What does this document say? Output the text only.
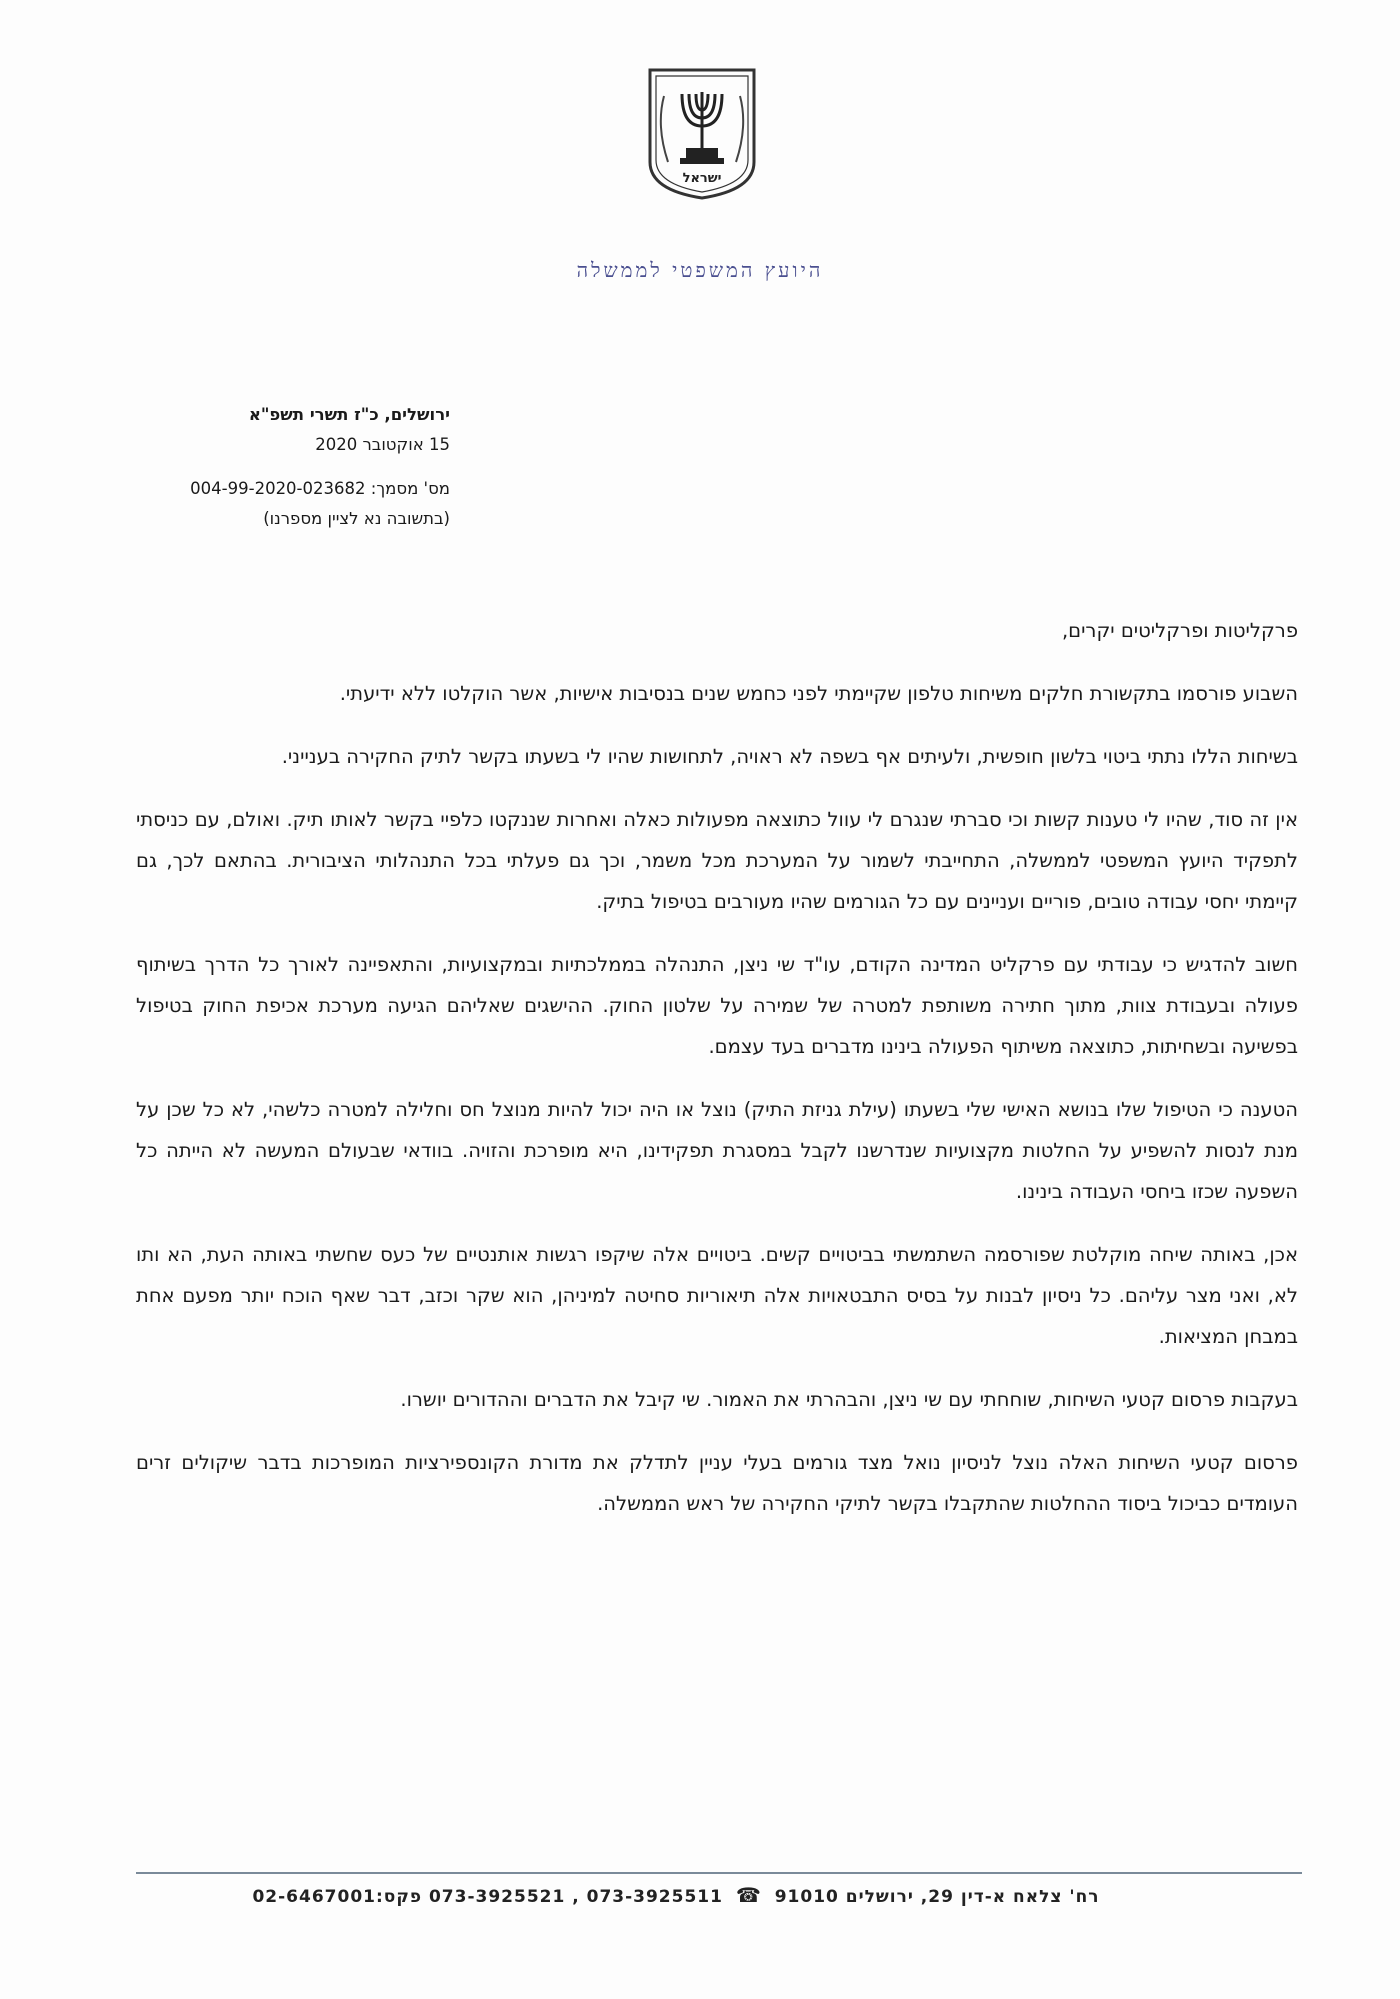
ישראל
היועץ המשפטי לממשלה
ירושלים, כ"ז תשרי תשפ"א
15 אוקטובר 2020
מס' מסמך: 004-99-2020-023682
(בתשובה נא לציין מספרנו)

פרקליטות ופרקליטים יקרים,

השבוע פורסמו בתקשורת חלקים משיחות טלפון שקיימתי לפני כחמש שנים בנסיבות אישיות, אשר הוקלטו ללא ידיעתי.

בשיחות הללו נתתי ביטוי בלשון חופשית, ולעיתים אף בשפה לא ראויה, לתחושות שהיו לי בשעתו בקשר לתיק החקירה בענייני.

אין זה סוד, שהיו לי טענות קשות וכי סברתי שנגרם לי עוול כתוצאה מפעולות כאלה ואחרות שננקטו כלפיי בקשר לאותו תיק. ואולם, עם כניסתי לתפקיד היועץ המשפטי לממשלה, התחייבתי לשמור על המערכת מכל משמר, וכך גם פעלתי בכל התנהלותי הציבורית. בהתאם לכך, גם קיימתי יחסי עבודה טובים, פוריים ועניינים עם כל הגורמים שהיו מעורבים בטיפול בתיק.

חשוב להדגיש כי עבודתי עם פרקליט המדינה הקודם, עו"ד שי ניצן, התנהלה בממלכתיות ובמקצועיות, והתאפיינה לאורך כל הדרך בשיתוף פעולה ובעבודת צוות, מתוך חתירה משותפת למטרה של שמירה על שלטון החוק. ההישגים שאליהם הגיעה מערכת אכיפת החוק בטיפול בפשיעה ובשחיתות, כתוצאה משיתוף הפעולה בינינו מדברים בעד עצמם.

הטענה כי הטיפול שלו בנושא האישי שלי בשעתו (עילת גניזת התיק) נוצל או היה יכול להיות מנוצל חס וחלילה למטרה כלשהי, לא כל שכן על מנת לנסות להשפיע על החלטות מקצועיות שנדרשנו לקבל במסגרת תפקידינו, היא מופרכת והזויה. בוודאי שבעולם המעשה לא הייתה כל השפעה שכזו ביחסי העבודה בינינו.

אכן, באותה שיחה מוקלטת שפורסמה השתמשתי בביטויים קשים. ביטויים אלה שיקפו רגשות אותנטיים של כעס שחשתי באותה העת, הא ותו לא, ואני מצר עליהם. כל ניסיון לבנות על בסיס התבטאויות אלה תיאוריות סחיטה למיניהן, הוא שקר וכזב, דבר שאף הוכח יותר מפעם אחת במבחן המציאות.

בעקבות פרסום קטעי השיחות, שוחחתי עם שי ניצן, והבהרתי את האמור. שי קיבל את הדברים וההדורים יושרו.

פרסום קטעי השיחות האלה נוצל לניסיון נואל מצד גורמים בעלי עניין לתדלק את מדורת הקונספירציות המופרכות בדבר שיקולים זרים העומדים כביכול ביסוד ההחלטות שהתקבלו בקשר לתיקי החקירה של ראש הממשלה.

רח' צלאח א-דין 29, ירושלים 91010 ☎ 073-3925511 , 073-3925521 פקס:02-6467001
